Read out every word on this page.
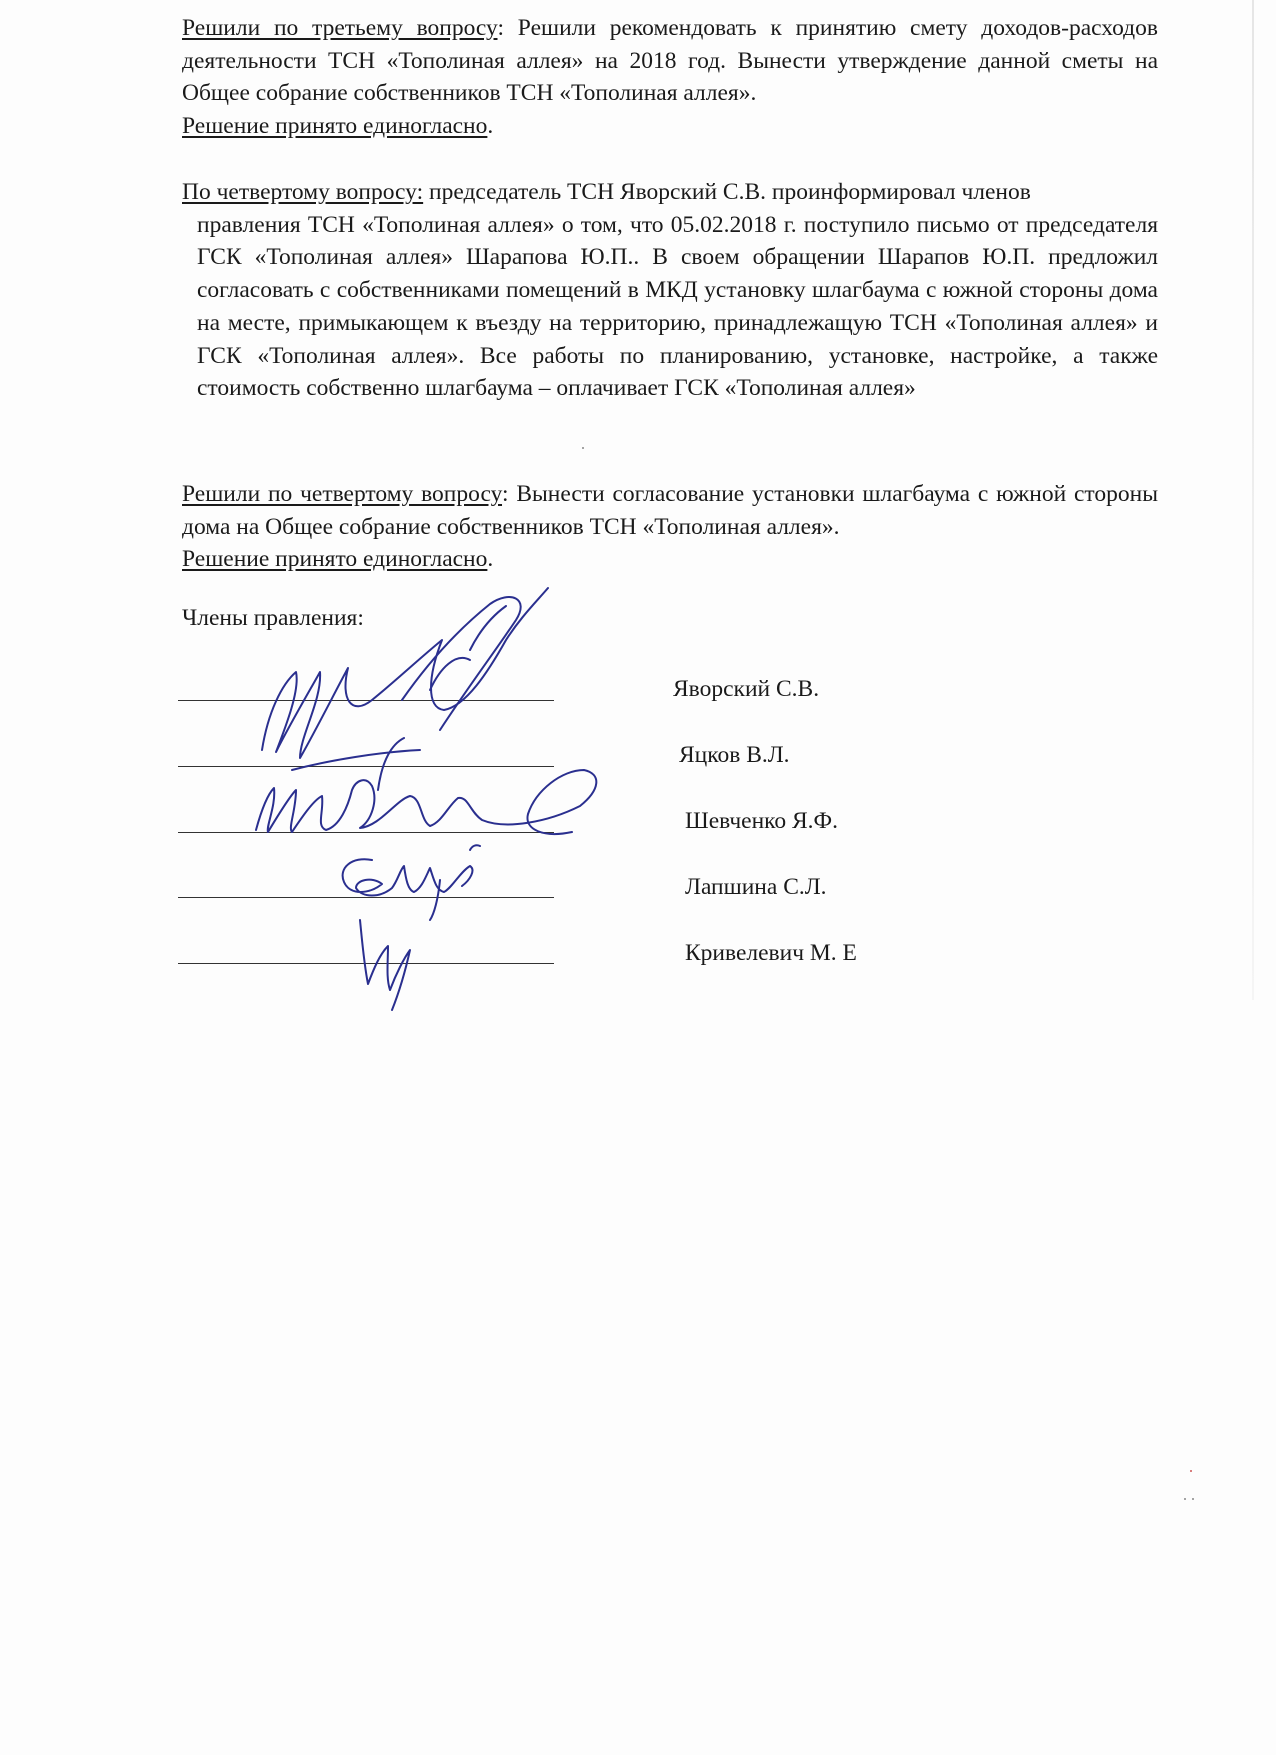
Решили по третьему вопросу: Решили рекомендовать к принятию смету доходов-расходов деятельности ТСН «Тополиная аллея» на 2018 год. Вынести утверждение данной сметы на Общее собрание собственников ТСН «Тополиная аллея».
Решение принято единогласно.
По четвертому вопросу: председатель ТСН Яворский С.В. проинформировал членов
правления ТСН «Тополиная аллея» о том, что 05.02.2018 г. поступило письмо от председателя ГСК «Тополиная аллея» Шарапова Ю.П.. В своем обращении Шарапов Ю.П. предложил согласовать с собственниками помещений в МКД установку шлагбаума с южной стороны дома на месте, примыкающем к въезду на территорию, принадлежащую ТСН «Тополиная аллея» и ГСК «Тополиная аллея». Все работы по планированию, установке, настройке, а также стоимость собственно шлагбаума – оплачивает ГСК «Тополиная аллея»
Решили по четвертому вопросу: Вынести согласование установки шлагбаума с южной стороны дома на Общее собрание собственников ТСН «Тополиная аллея».
Решение принято единогласно.
Члены правления:
Яворский С.В.
Яцков В.Л.
Шевченко Я.Ф.
Лапшина С.Л.
Кривелевич М. Е
